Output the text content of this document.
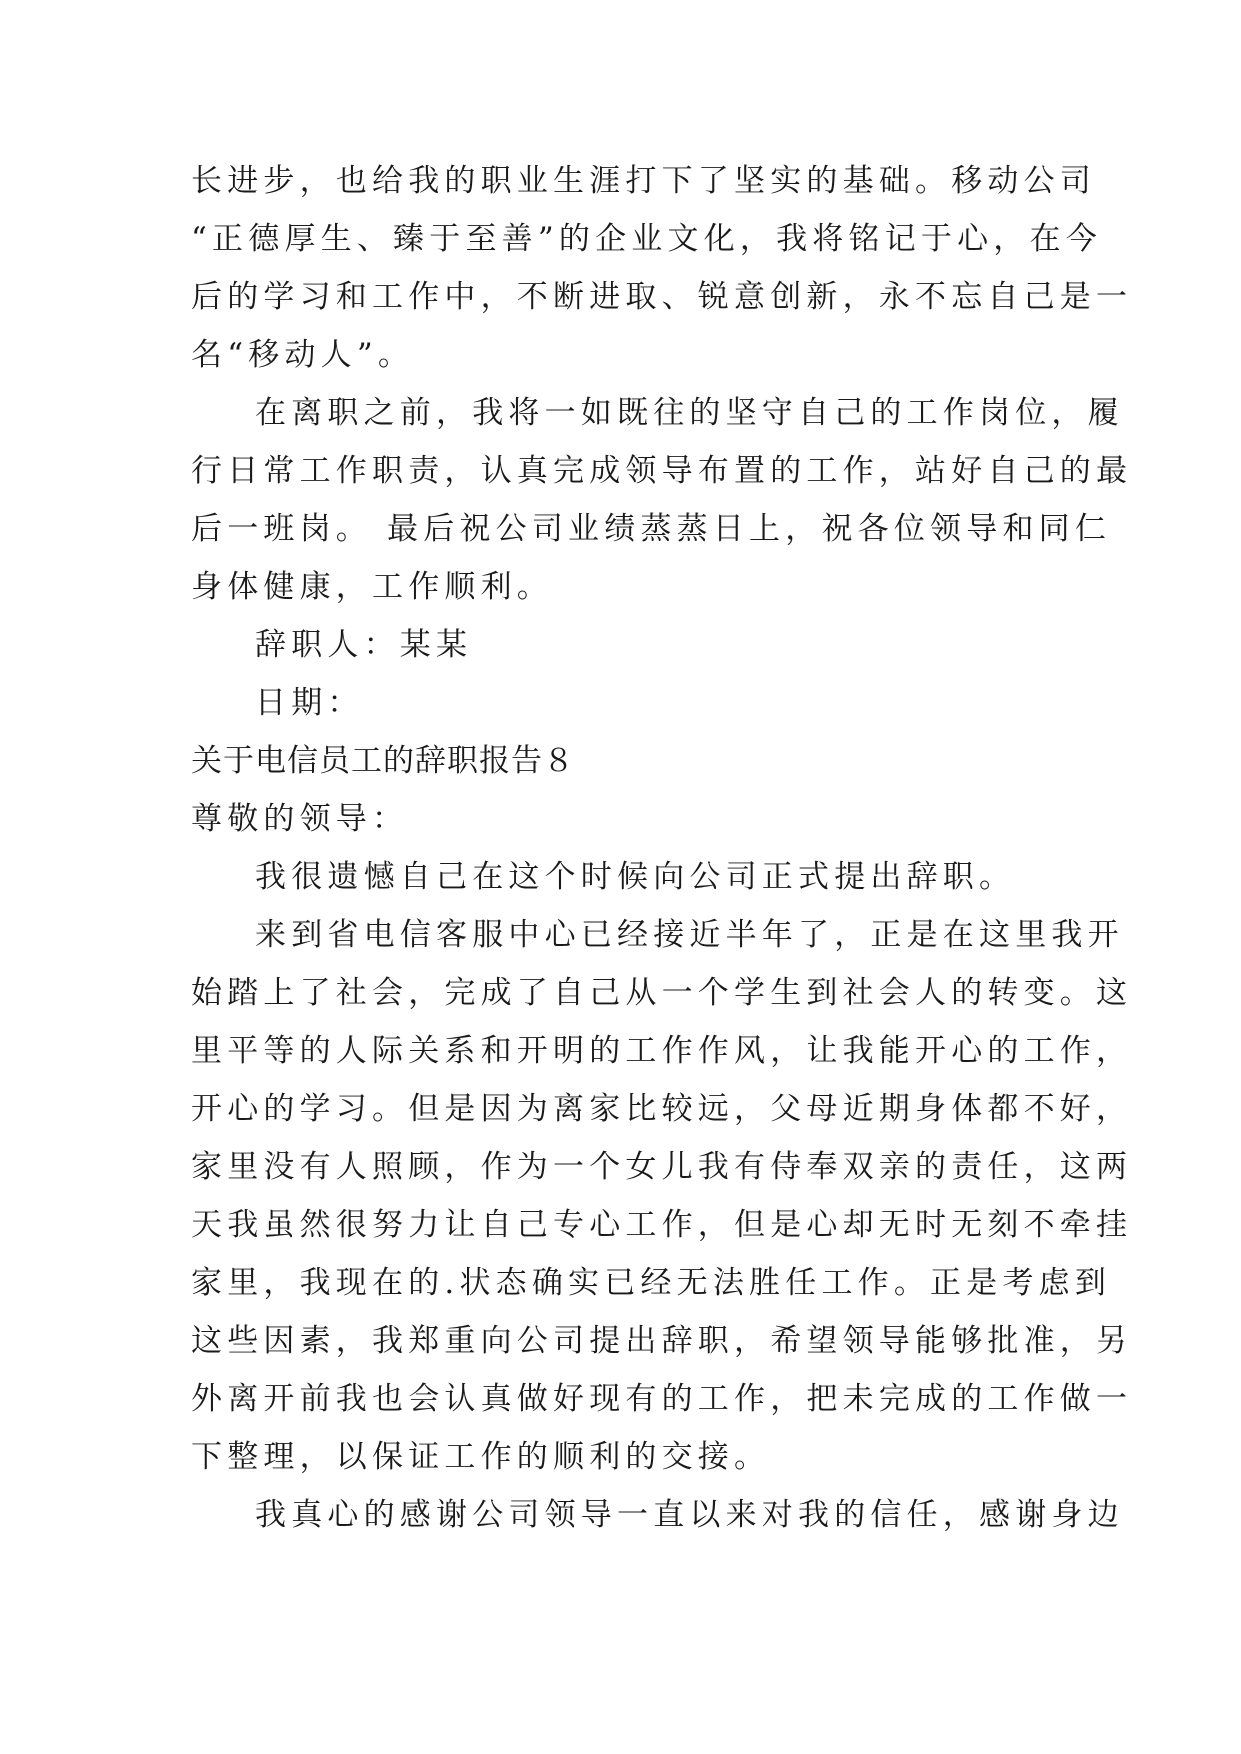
长进步，也给我的职业生涯打下了坚实的基础。移动公司
“正德厚生、臻于至善”的企业文化，我将铭记于心，在今
后的学习和工作中，不断进取、锐意创新，永不忘自己是一
名“移动人”。
在离职之前，我将一如既往的坚守自己的工作岗位，履
行日常工作职责，认真完成领导布置的工作，站好自己的最
后一班岗。 最后祝公司业绩蒸蒸日上，祝各位领导和同仁
身体健康，工作顺利。
辞职人：某某
日期：
关于电信员工的辞职报告８
尊敬的领导：
我很遗憾自己在这个时候向公司正式提出辞职。
来到省电信客服中心已经接近半年了，正是在这里我开
始踏上了社会，完成了自己从一个学生到社会人的转变。这
里平等的人际关系和开明的工作作风，让我能开心的工作，
开心的学习。但是因为离家比较远，父母近期身体都不好，
家里没有人照顾，作为一个女儿我有侍奉双亲的责任，这两
天我虽然很努力让自己专心工作，但是心却无时无刻不牵挂
家里，我现在的.状态确实已经无法胜任工作。正是考虑到
这些因素，我郑重向公司提出辞职，希望领导能够批准，另
外离开前我也会认真做好现有的工作，把未完成的工作做一
下整理，以保证工作的顺利的交接。
我真心的感谢公司领导一直以来对我的信任，感谢身边
